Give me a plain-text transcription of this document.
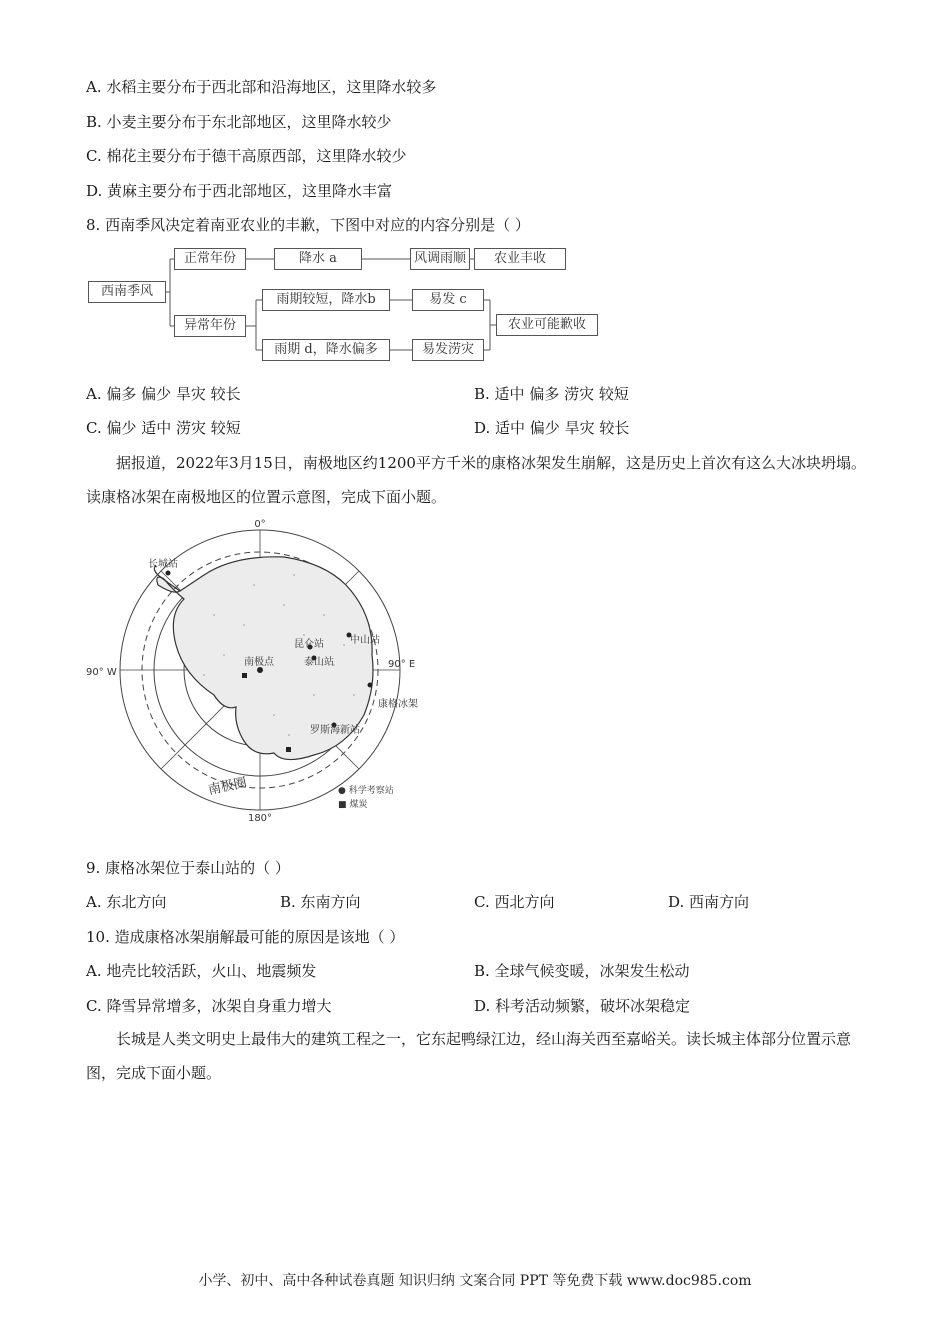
A. 水稻主要分布于西北部和沿海地区，这里降水较多
B. 小麦主要分布于东北部地区，这里降水较少
C. 棉花主要分布于德干高原西部，这里降水较少
D. 黄麻主要分布于西北部地区，这里降水丰富
8. 西南季风决定着南亚农业的丰歉，下图中对应的内容分别是（ ）
西南季风
正常年份	降水 a	风调雨顺	农业丰收
异常年份
雨期较短，降水b	易发 c
雨期 d，降水偏多	易发涝灾
农业可能歉收
A. 偏多 偏少 旱灾 较长	B. 适中 偏多 涝灾 较短
C. 偏少 适中 涝灾 较短	D. 适中 偏少 旱灾 较长
据报道，2022年3月15日，南极地区约1200平方千米的康格冰架发生崩解，这是历史上首次有这么大冰块坍塌。读康格冰架在南极地区的位置示意图，完成下面小题。
0°
90° W
90° E
180°
长城站
中山站
昆仑站
泰山站
南极点
康格冰架
罗斯海新站
南极圈	● 科学考察站
■ 煤炭
9. 康格冰架位于泰山站的（ ）
A. 东北方向	B. 东南方向	C. 西北方向	D. 西南方向
10. 造成康格冰架崩解最可能的原因是该地（ ）
A. 地壳比较活跃，火山、地震频发	B. 全球气候变暖，冰架发生松动
C. 降雪异常增多，冰架自身重力增大	D. 科考活动频繁，破坏冰架稳定
长城是人类文明史上最伟大的建筑工程之一，它东起鸭绿江边，经山海关西至嘉峪关。读长城主体部分位置示意图，完成下面小题。
小学、初中、高中各种试卷真题 知识归纳 文案合同 PPT 等免费下载 www.doc985.com
